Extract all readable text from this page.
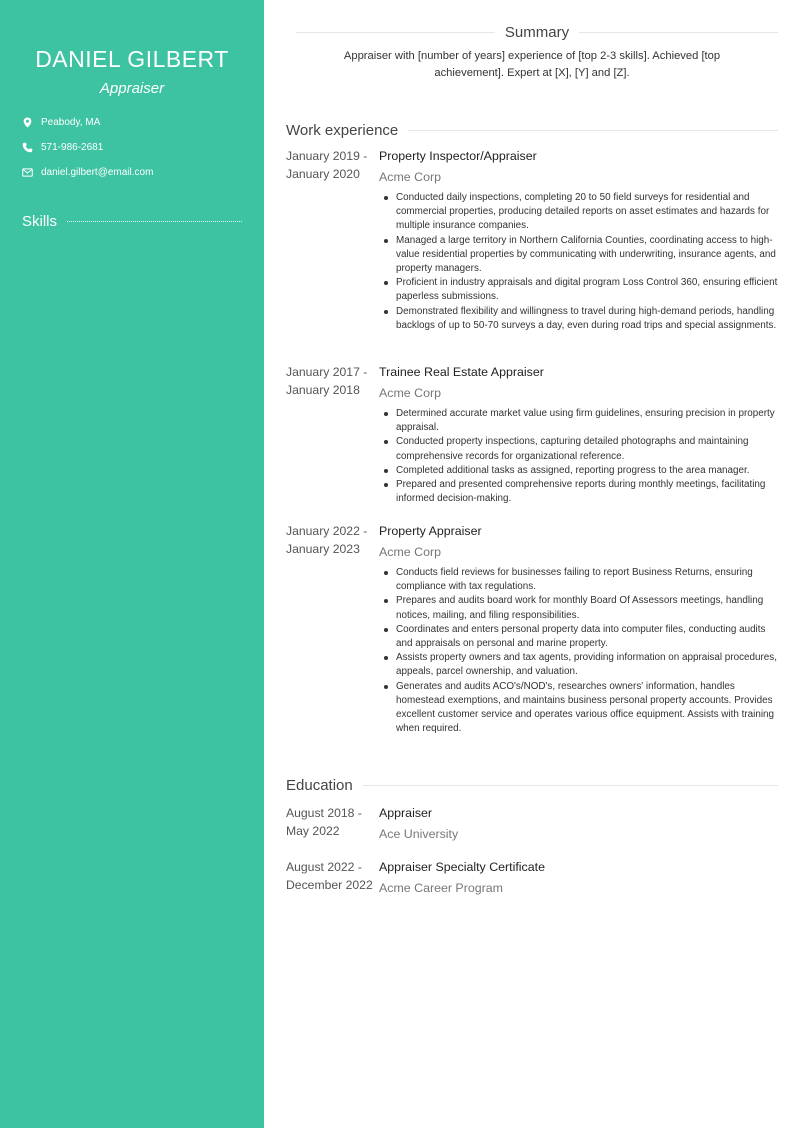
DANIEL GILBERT
Appraiser
Peabody, MA
571-986-2681
daniel.gilbert@email.com
Skills
Summary
Appraiser with [number of years] experience of [top 2-3 skills]. Achieved [top achievement]. Expert at [X], [Y] and [Z].
Work experience
January 2019 -
January 2020
Property Inspector/Appraiser
Acme Corp
Conducted daily inspections, completing 20 to 50 field surveys for residential and commercial properties, producing detailed reports on asset estimates and hazards for multiple insurance companies.
Managed a large territory in Northern California Counties, coordinating access to high-value residential properties by communicating with underwriting, insurance agents, and property managers.
Proficient in industry appraisals and digital program Loss Control 360, ensuring efficient paperless submissions.
Demonstrated flexibility and willingness to travel during high-demand periods, handling backlogs of up to 50-70 surveys a day, even during road trips and special assignments.
January 2017 -
January 2018
Trainee Real Estate Appraiser
Acme Corp
Determined accurate market value using firm guidelines, ensuring precision in property appraisal.
Conducted property inspections, capturing detailed photographs and maintaining comprehensive records for organizational reference.
Completed additional tasks as assigned, reporting progress to the area manager.
Prepared and presented comprehensive reports during monthly meetings, facilitating informed decision-making.
January 2022 -
January 2023
Property Appraiser
Acme Corp
Conducts field reviews for businesses failing to report Business Returns, ensuring compliance with tax regulations.
Prepares and audits board work for monthly Board Of Assessors meetings, handling notices, mailing, and filing responsibilities.
Coordinates and enters personal property data into computer files, conducting audits and appraisals on personal and marine property.
Assists property owners and tax agents, providing information on appraisal procedures, appeals, parcel ownership, and valuation.
Generates and audits ACO's/NOD's, researches owners' information, handles homestead exemptions, and maintains business personal property accounts. Provides excellent customer service and operates various office equipment. Assists with training when required.
Education
August 2018 -
May 2022
Appraiser
Ace University
August 2022 -
December 2022
Appraiser Specialty Certificate
Acme Career Program
